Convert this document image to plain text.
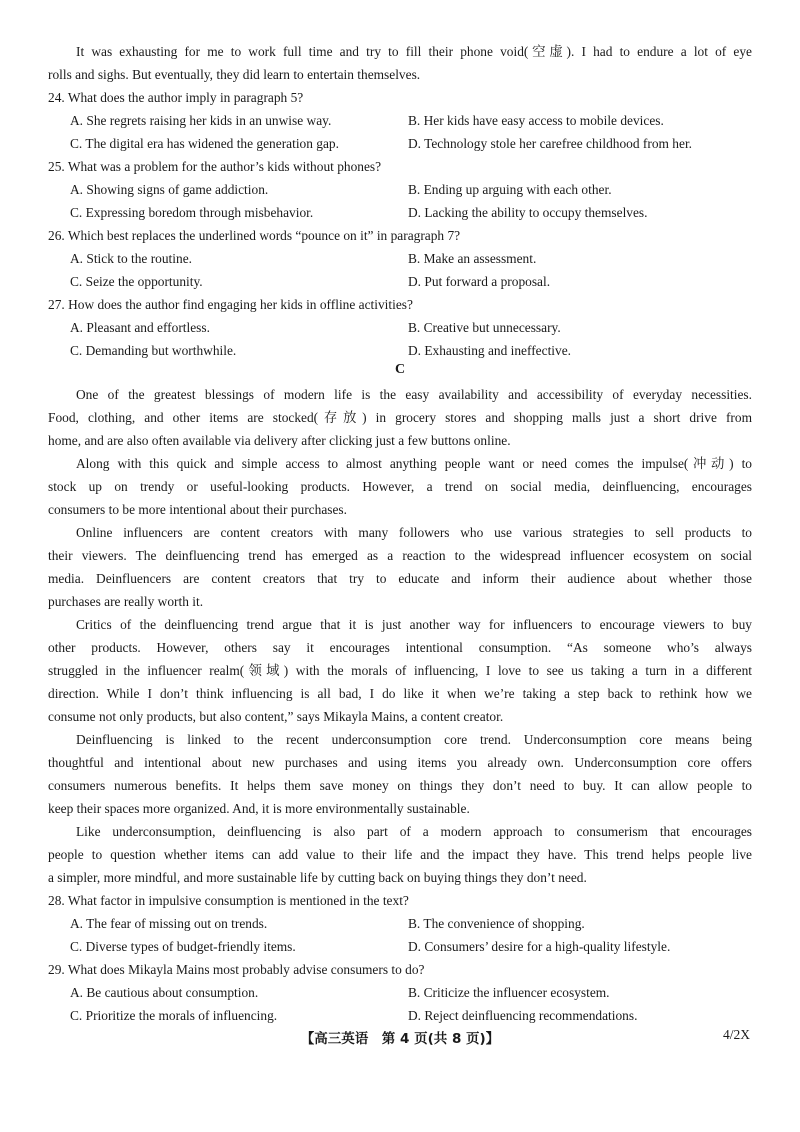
It was exhausting for me to work full time and try to fill their phone void(空虚). I had to endure a lot of eye
rolls and sighs. But eventually, they did learn to entertain themselves.
24. What does the author imply in paragraph 5?
A. She regrets raising her kids in an unwise way.	B. Her kids have easy access to mobile devices.
C. The digital era has widened the generation gap.	D. Technology stole her carefree childhood from her.
25. What was a problem for the author’s kids without phones?
A. Showing signs of game addiction.	B. Ending up arguing with each other.
C. Expressing boredom through misbehavior.	D. Lacking the ability to occupy themselves.
26. Which best replaces the underlined words “pounce on it” in paragraph 7?
A. Stick to the routine.	B. Make an assessment.
C. Seize the opportunity.	D. Put forward a proposal.
27. How does the author find engaging her kids in offline activities?
A. Pleasant and effortless.	B. Creative but unnecessary.
C. Demanding but worthwhile.	D. Exhausting and ineffective.
C
One of the greatest blessings of modern life is the easy availability and accessibility of everyday necessities.
Food, clothing, and other items are stocked(存放) in grocery stores and shopping malls just a short drive from
home, and are also often available via delivery after clicking just a few buttons online.
Along with this quick and simple access to almost anything people want or need comes the impulse(冲动) to
stock up on trendy or useful-looking products. However, a trend on social media, deinfluencing, encourages
consumers to be more intentional about their purchases.
Online influencers are content creators with many followers who use various strategies to sell products to
their viewers. The deinfluencing trend has emerged as a reaction to the widespread influencer ecosystem on social
media. Deinfluencers are content creators that try to educate and inform their audience about whether those
purchases are really worth it.
Critics of the deinfluencing trend argue that it is just another way for influencers to encourage viewers to buy
other products. However, others say it encourages intentional consumption. “As someone who’s always
struggled in the influencer realm(领域) with the morals of influencing, I love to see us taking a turn in a different
direction. While I don’t think influencing is all bad, I do like it when we’re taking a step back to rethink how we
consume not only products, but also content,” says Mikayla Mains, a content creator.
Deinfluencing is linked to the recent underconsumption core trend. Underconsumption core means being
thoughtful and intentional about new purchases and using items you already own. Underconsumption core offers
consumers numerous benefits. It helps them save money on things they don’t need to buy. It can allow people to
keep their spaces more organized. And, it is more environmentally sustainable.
Like underconsumption, deinfluencing is also part of a modern approach to consumerism that encourages
people to question whether items can add value to their life and the impact they have. This trend helps people live
a simpler, more mindful, and more sustainable life by cutting back on buying things they don’t need.
28. What factor in impulsive consumption is mentioned in the text?
A. The fear of missing out on trends.	B. The convenience of shopping.
C. Diverse types of budget-friendly items.	D. Consumers’ desire for a high-quality lifestyle.
29. What does Mikayla Mains most probably advise consumers to do?
A. Be cautious about consumption.	B. Criticize the influencer ecosystem.
C. Prioritize the morals of influencing.	D. Reject deinfluencing recommendations.
【高三英语　第 4 页(共 8 页)】	4/2X
